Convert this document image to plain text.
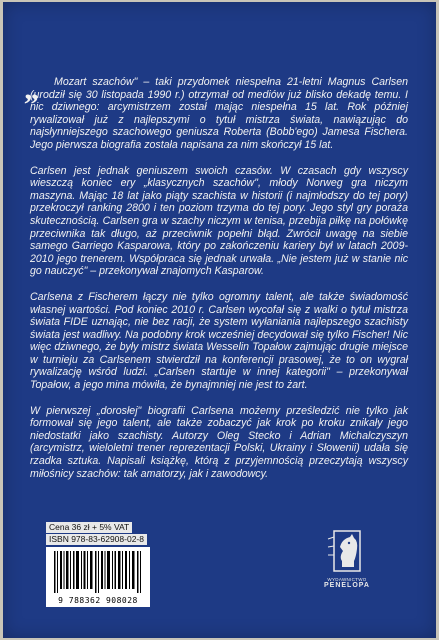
„	Mozart szachów" – taki przydomek niespełna 21-letni Magnus Carlsen (urodził się 30 listopada 1990 r.) otrzymał od mediów już blisko dekadę temu. I nic dziwnego: arcymistrzem został mając niespełna 15 lat. Rok później rywalizował już z najlepszymi o tytuł mistrza świata, nawiązując do najsłynniejszego szachowego geniusza Roberta (Bobb'ego) Jamesa Fischera. Jego pierwsza biografia została napisana za nim skończył 15 lat.

Carlsen jest jednak geniuszem swoich czasów. W czasach gdy wszyscy wieszczą koniec ery „klasycznych szachów", młody Norweg gra niczym maszyna. Mając 18 lat jako piąty szachista w historii (i najmłodszy do tej pory) przekroczył ranking 2800 i ten poziom trzyma do tej pory. Jego styl gry poraża skutecznością. Carlsen gra w szachy niczym w tenisa, przebija piłkę na połówkę przeciwnika tak długo, aż przeciwnik popełni błąd. Zwrócił uwagę na siebie samego Garriego Kasparowa, który po zakończeniu kariery był w latach 2009-2010 jego trenerem. Współpraca się jednak urwała. „Nie jestem już w stanie nic go nauczyć" – przekonywał znajomych Kasparow.

Carlsena z Fischerem łączy nie tylko ogromny talent, ale także świadomość własnej wartości. Pod koniec 2010 r. Carlsen wycofał się z walki o tytuł mistrza świata FIDE uznając, nie bez racji, że system wyłaniania najlepszego szachisty świata jest wadliwy. Na podobny krok wcześniej decydował się tylko Fischer! Nic więc dziwnego, że były mistrz świata Wesselin Topałow zajmując drugie miejsce w turnieju za Carlsenem stwierdził na konferencji prasowej, że to on wygrał rywalizację wśród ludzi. „Carlsen startuje w innej kategorii" – przekonywał Topałow, a jego mina mówiła, że bynajmniej nie jest to żart.

W pierwszej „dorosłej" biografii Carlsena możemy prześledzić nie tylko jak formował się jego talent, ale także zobaczyć jak krok po kroku znikały jego niedostatki jako szachisty. Autorzy Oleg Stecko i Adrian Michalczyszyn (arcymistrz, wieloletni trener reprezentacji Polski, Ukrainy i Słowenii) udała się rzadka sztuka. Napisali książkę, którą z przyjemnością przeczytają wszyscy miłośnicy szachów: tak amatorzy, jak i zawodowcy.

Cena 36 zł + 5% VAT
ISBN 978-83-62908-02-8
9 788362 908028
WYDAWNICTWO
PENELOPA
